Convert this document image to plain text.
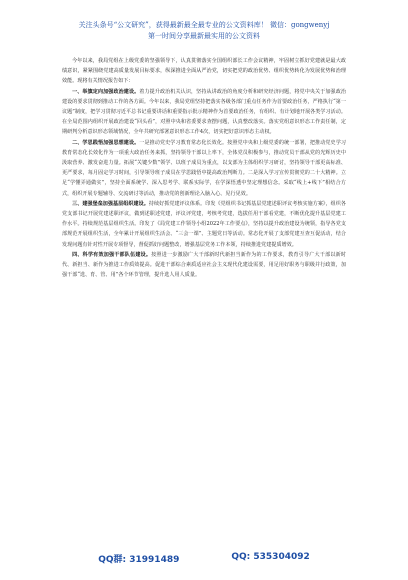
关注头条号“公文研究”，获得最新最全最专业的公文资料库！ 微信：gongwenyj
第一时间分享最新最实用的公文资料

今年以来，我局党组在上级党委的坚强领导下，认真贯彻落实全国组织部长工作会议精神，牢固树立抓好党建就是最大政绩意识，紧紧围绕党建高质量发展目标要求，纵深推进全面从严治党，切实把党的政治优势、组织优势转化为发展优势和治理效能。现将有关情况报告如下：

一、举旗定向加强政治建设。着力提升政治机关认识，坚持从讲政治的角度分析和研究经济问题，将党中央关于加强政治建设的要求贯彻到推动工作的各方面。今年以来，我局党组坚持把落实各级各部门重点任务作为首要政治任务，严格执行“第一议题”制度，把学习贯彻习近平总书记重要讲话和重要指示批示精神作为首要政治任务，有组织、有计划地开展各类学习活动。在全局范围内组织开展政治建设“回头看”，对照中央和省委要求查摆问题，认真整改落实。落实党组意识形态工作责任制，定期研判分析意识形态领域情况，全年共研究部署意识形态工作4次，切实把好意识形态主动权。

二、学思践悟加强思想建设。一是推动党史学习教育常态化长效化。按照党中央和上级党委的统一部署，把推动党史学习教育常态化长效化作为一项重大政治任务来抓，坚持领导干部以上率下，全体党员积极参与，推动党员干部从党的光辉历史中汲取营养、激发奋进力量。拓展“关键少数”领学、以班子成员为重点，以支部为主体组织学习研讨，坚持领导干部更高标准、更严要求，每月固定学习时间，引导领导班子成员在学思践悟中提高政治判断力。二是深入学习宣传贯彻党的二十大精神。立足“学懂弄通做实”，坚持全面系统学、深入思考学、联系实际学，在学深悟透中坚定理想信念。采取“线上+线下”相结合方式，组织开展专题辅导、交流研讨等活动，推动党的创新理论入脑入心、见行见效。

三、建强堡垒加强基层组织建设。持续好抓党建评议体系。印发《党组织书记抓基层党建述职评议考核实施方案》，组织各党支部书记开展党建述职评议，做到述职述党建，评议评党建，考核考党建，选拔任用干部看党建，不断优化提升基层党建工作水平。持续规范基层组织生活。印发了《局党建工作领导小组2022年工作要点》，坚持以提升政治建设为统领，指导各党支部规范开展组织生活，全年累计开展组织生活会、“三会一课”、主题党日等活动。常态化开展了支部党建互查互促活动，结合发现问题有针对性开展专项督导，督促抓好问题整改，增强基层党务工作本领，持续推进党建提质增效。

四、科学有效加强干部队伍建设。按照进一步激励广大干部新时代新担当新作为的工作要求，教育引导广大干部以新时代、新担当、新作为推进工作质效提高。促进干部综合素质适应社会主义现代化建设需要，用足用好职务与职级并行政策，加强干部“选、育、管、用”各个环节管理，提升选人用人质量。

QQ群: 31991489	QQ: 535304092
